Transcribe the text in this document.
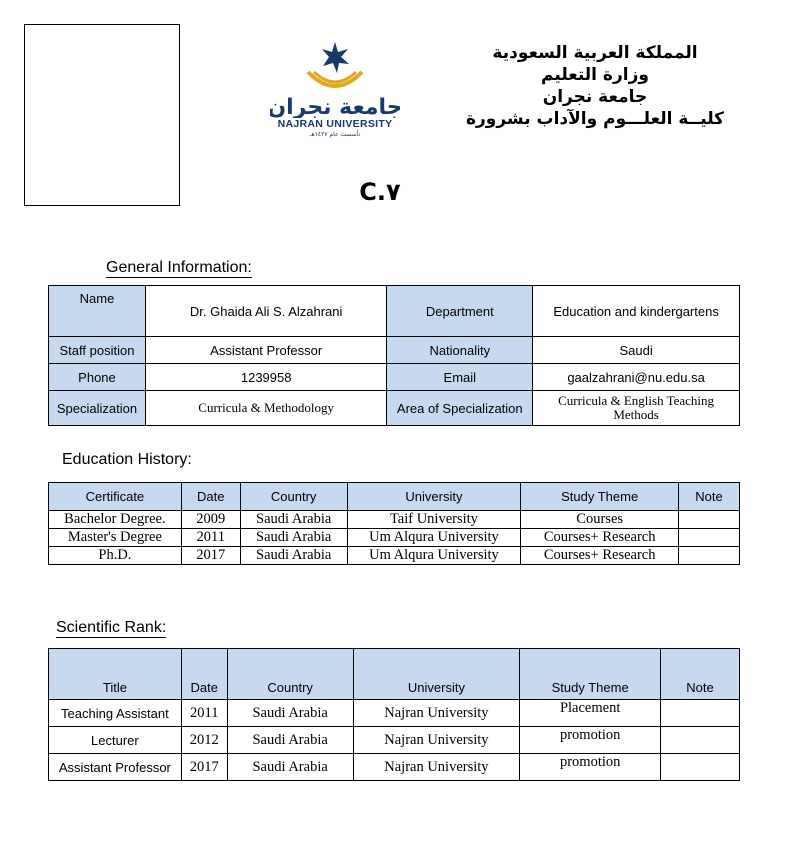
جامعة نجران
NAJRAN UNIVERSITY
تأسست عام ١٤٢٧هـ
المملكة العربية السعودية
وزارة التعليم
جامعة نجران
كليــة العلـــوم والآداب بشرورة
C.٧
General Information:
Name	Dr. Ghaida Ali S. Alzahrani	Department	Education and kindergartens
Staff position	Assistant Professor	Nationality	Saudi
Phone	1239958	Email	gaalzahrani@nu.edu.sa
Specialization	Curricula & Methodology	Area of Specialization	Curricula & English Teaching Methods
Education History:
Certificate	Date	Country	University	Study Theme	Note
Bachelor Degree.	2009	Saudi Arabia	Taif University	Courses	
Master's Degree	2011	Saudi Arabia	Um Alqura University	Courses+ Research	
Ph.D.	2017	Saudi Arabia	Um Alqura University	Courses+ Research	
Scientific Rank:
Title	Date	Country	University	Study Theme	Note
Teaching Assistant	2011	Saudi Arabia	Najran University	Placement	
Lecturer	2012	Saudi Arabia	Najran University	promotion	
Assistant Professor	2017	Saudi Arabia	Najran University	promotion	
